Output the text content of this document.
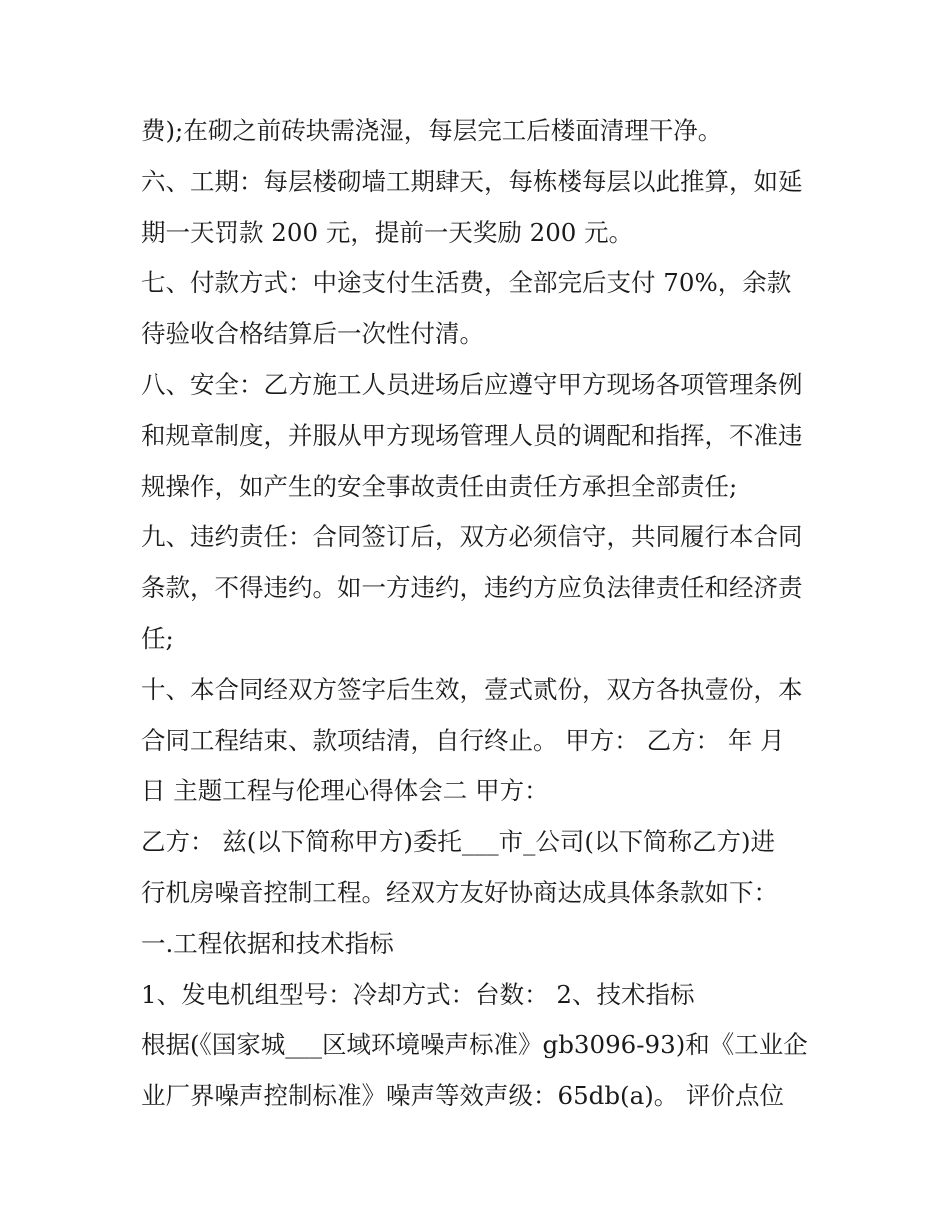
费);在砌之前砖块需浇湿，每层完工后楼面清理干净。
六、工期：每层楼砌墙工期肆天，每栋楼每层以此推算，如延
期一天罚款 200 元，提前一天奖励 200 元。
七、付款方式：中途支付生活费，全部完后支付 70%，余款
待验收合格结算后一次性付清。
八、安全：乙方施工人员进场后应遵守甲方现场各项管理条例
和规章制度，并服从甲方现场管理人员的调配和指挥，不准违
规操作，如产生的安全事故责任由责任方承担全部责任;
九、违约责任：合同签订后，双方必须信守，共同履行本合同
条款，不得违约。如一方违约，违约方应负法律责任和经济责
任;
十、本合同经双方签字后生效，壹式贰份，双方各执壹份，本
合同工程结束、款项结清，自行终止。 甲方： 乙方： 年 月
日 主题工程与伦理心得体会二 甲方：
乙方： 兹(以下简称甲方)委托___市_公司(以下简称乙方)进
行机房噪音控制工程。经双方友好协商达成具体条款如下：
一.工程依据和技术指标
1、发电机组型号：冷却方式：台数： 2、技术指标
根据(《国家城___区域环境噪声标准》gb3096-93)和《工业企
业厂界噪声控制标准》噪声等效声级：65db(a)。 评价点位
